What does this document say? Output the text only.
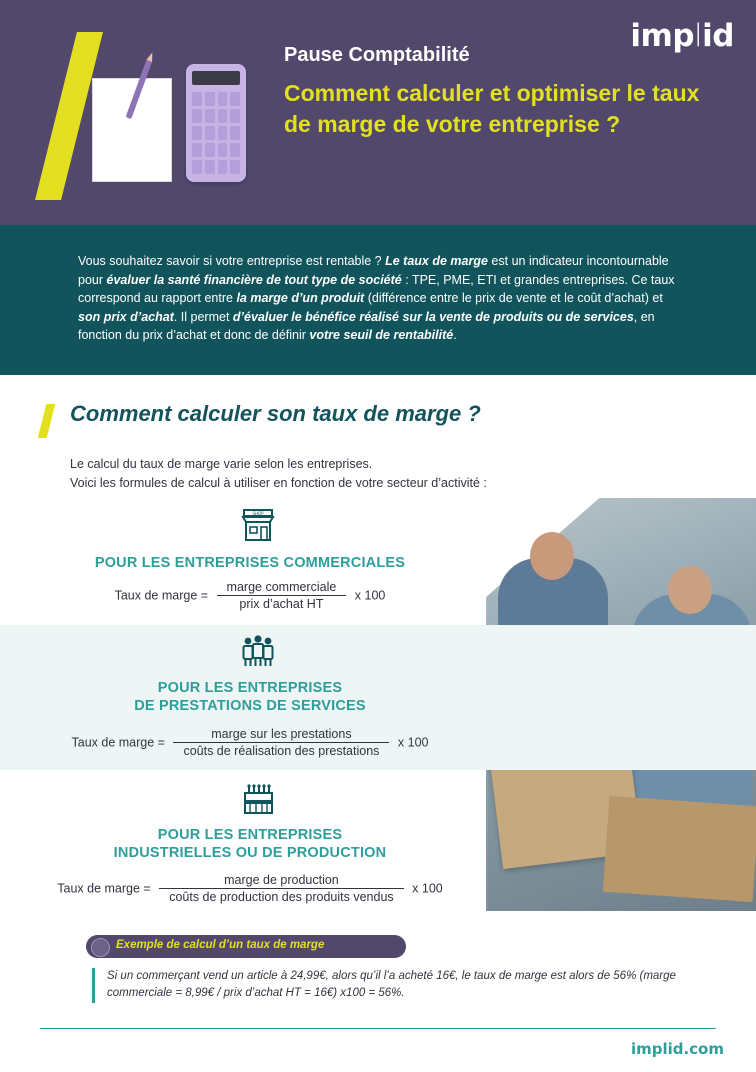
implid
Pause Comptabilité
Comment calculer et optimiser le taux de marge de votre entreprise ?

Vous souhaitez savoir si votre entreprise est rentable ? Le taux de marge est un indicateur incontournable pour évaluer la santé financière de tout type de société : TPE, PME, ETI et grandes entreprises. Ce taux correspond au rapport entre la marge d’un produit (différence entre le prix de vente et le coût d’achat) et son prix d’achat. Il permet d’évaluer le bénéfice réalisé sur la vente de produits ou de services, en fonction du prix d’achat et donc de définir votre seuil de rentabilité.

Comment calculer son taux de marge ?
Le calcul du taux de marge varie selon les entreprises.
Voici les formules de calcul à utiliser en fonction de votre secteur d’activité :
SHOP
POUR LES ENTREPRISES COMMERCIALES
Taux de marge = $\frac{\text{marge commerciale}}{\text{prix d’achat HT}}$ x 100
POUR LES ENTREPRISES
DE PRESTATIONS DE SERVICES
Taux de marge = $\frac{\text{marge sur les prestations}}{\text{coûts de réalisation des prestations}}$ x 100
POUR LES ENTREPRISES
INDUSTRIELLES OU DE PRODUCTION
Taux de marge = $\frac{\text{marge de production}}{\text{coûts de production des produits vendus}}$ x 100
Exemple de calcul d’un taux de marge
Si un commerçant vend un article à 24,99€, alors qu’il l’a acheté 16€, le taux de marge est alors de 56% (marge commerciale = 8,99€ / prix d’achat HT = 16€) x100 = 56%.
implid.com
